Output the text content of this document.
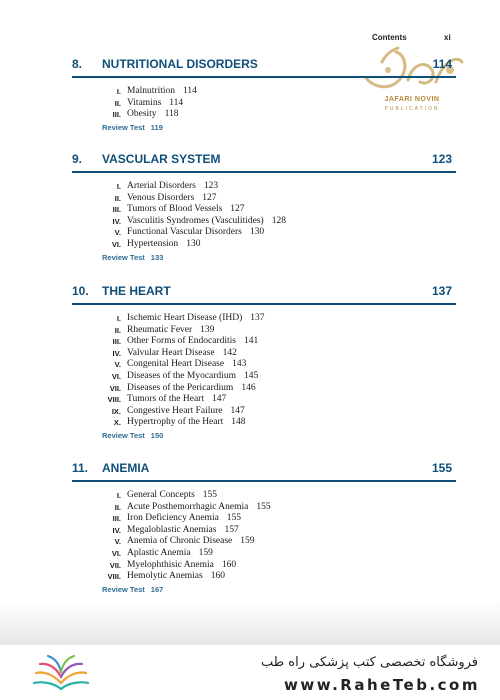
Contents	xi
JAFARI NOVIN
PUBLICATION
8. NUTRITIONAL DISORDERS	114
I. Malnutrition 114
II. Vitamins 114
III. Obesity 118
Review Test 119
9. VASCULAR SYSTEM	123
I. Arterial Disorders 123
II. Venous Disorders 127
III. Tumors of Blood Vessels 127
IV. Vasculitis Syndromes (Vasculitides) 128
V. Functional Vascular Disorders 130
VI. Hypertension 130
Review Test 133
10. THE HEART	137
I. Ischemic Heart Disease (IHD) 137
II. Rheumatic Fever 139
III. Other Forms of Endocarditis 141
IV. Valvular Heart Disease 142
V. Congenital Heart Disease 143
VI. Diseases of the Myocardium 145
VII. Diseases of the Pericardium 146
VIII. Tumors of the Heart 147
IX. Congestive Heart Failure 147
X. Hypertrophy of the Heart 148
Review Test 150
11. ANEMIA	155
I. General Concepts 155
II. Acute Posthemorrhagic Anemia 155
III. Iron Deficiency Anemia 155
IV. Megaloblastic Anemias 157
V. Anemia of Chronic Disease 159
VI. Aplastic Anemia 159
VII. Myelophthisic Anemia 160
VIII. Hemolytic Anemias 160
Review Test 167
فروشگاه تخصصی کتب پزشکی راه طب
www.RaheTeb.com
